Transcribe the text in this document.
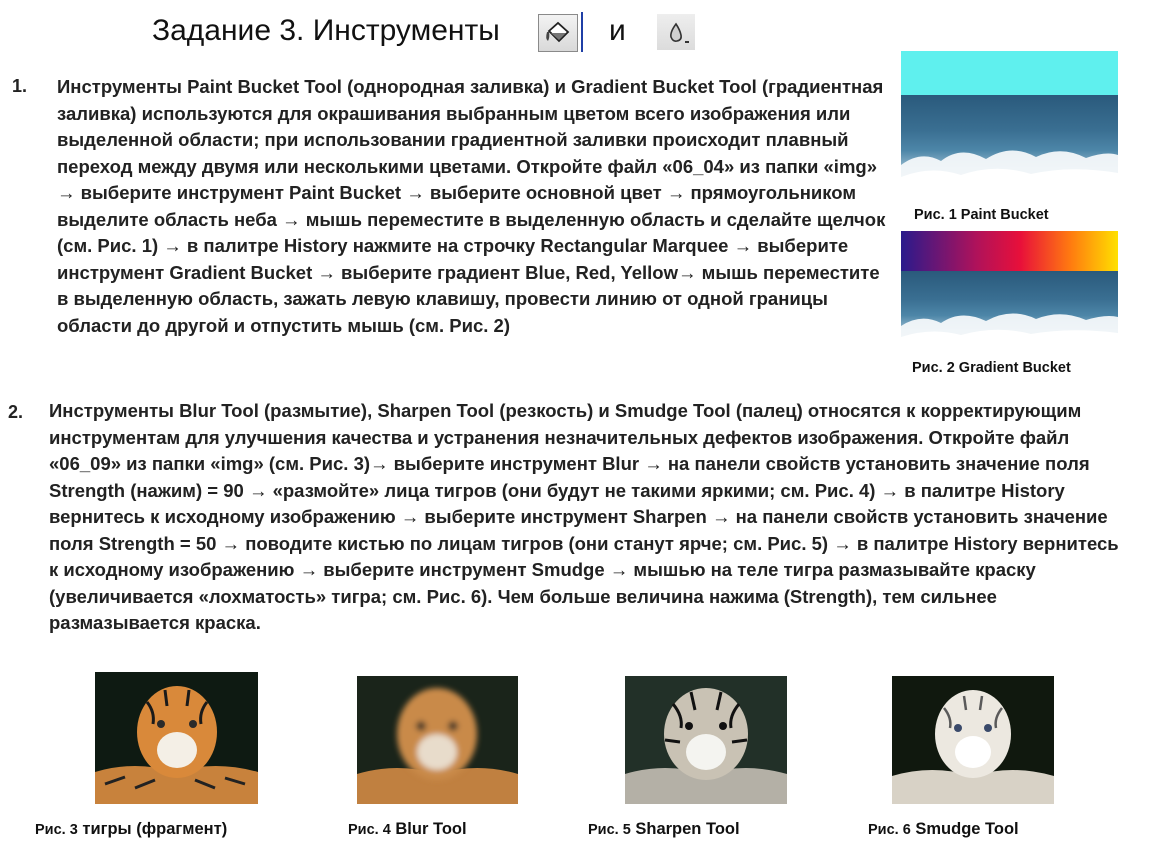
Задание 3. Инструменты	и
1. Инструменты Paint Bucket Tool (однородная заливка) и Gradient Bucket Tool (градиентная заливка) используются для окрашивания выбранным цветом всего изображения или выделенной области; при использовании градиентной заливки происходит плавный переход между двумя или несколькими цветами. Откройте файл «06_04» из папки «img» → выберите инструмент Paint Bucket → выберите основной цвет → прямоугольником выделите область неба → мышь переместите в выделенную область и сделайте щелчок (см. Рис. 1) → в палитре History нажмите на строчку Rectangular Marquee → выберите инструмент Gradient Bucket → выберите градиент Blue, Red, Yellow→ мышь переместите в выделенную область, зажать левую клавишу, провести линию от одной границы области до другой и отпустить мышь (см. Рис. 2)
Рис. 1 Paint Bucket
Рис. 2 Gradient Bucket
2. Инструменты Blur Tool (размытие), Sharpen Tool (резкость) и Smudge Tool (палец) относятся к корректирующим инструментам для улучшения качества и устранения незначительных дефектов изображения. Откройте файл «06_09» из папки «img» (см. Рис. 3)→ выберите инструмент Blur → на панели свойств установить значение поля Strength (нажим) = 90 → «размойте» лица тигров (они будут не такими яркими; см. Рис. 4) → в палитре History вернитесь к исходному изображению → выберите инструмент Sharpen → на панели свойств установить значение поля Strength = 50 → поводите кистью по лицам тигров (они станут ярче; см. Рис. 5) → в палитре History вернитесь к исходному изображению → выберите инструмент Smudge → мышью на теле тигра размазывайте краску (увеличивается «лохматость» тигра; см. Рис. 6). Чем больше величина нажима (Strength), тем сильнее размазывается краска.
Рис. 3 тигры (фрагмент)	Рис. 4 Blur Tool	Рис. 5 Sharpen Tool	Рис. 6 Smudge Tool
